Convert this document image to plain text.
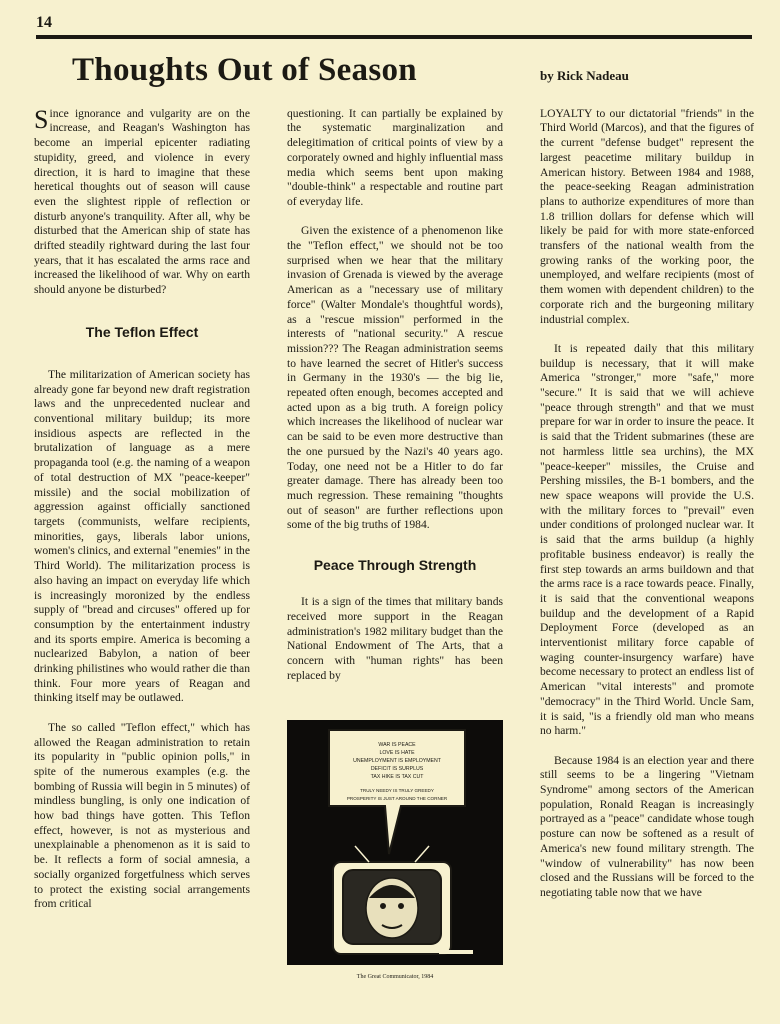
14
Thoughts Out of Season	by Rick Nadeau

Since ignorance and vulgarity are on the increase, and Reagan's Washington has become an imperial epicenter radiating stupidity, greed, and violence in every direction, it is hard to imagine that these heretical thoughts out of season will cause even the slightest ripple of reflection or disturb anyone's tranquility. After all, why be disturbed that the American ship of state has drifted steadily rightward during the last four years, that it has escalated the arms race and increased the likelihood of war. Why on earth should anyone be disturbed?

The Teflon Effect

The militarization of American society has already gone far beyond new draft registration laws and the unprecedented nuclear and conventional military buildup; its more insidious aspects are reflected in the brutalization of language as a mere propaganda tool (e.g. the naming of a weapon of total destruction of MX "peace-keeper" missile) and the social mobilization of aggression against officially sanctioned targets (communists, welfare recipients, minorities, gays, liberals labor unions, women's clinics, and external "enemies" in the Third World). The militarization process is also having an impact on everyday life which is increasingly moronized by the endless supply of "bread and circuses" offered up for consumption by the entertainment industry and its sports empire. America is becoming a nuclearized Babylon, a nation of beer drinking philistines who would rather die than think. Four more years of Reagan and thinking itself may be outlawed.

The so called "Teflon effect," which has allowed the Reagan administration to retain its popularity in "public opinion polls," in spite of the numerous examples (e.g. the bombing of Russia will begin in 5 minutes) of mindless bungling, is only one indication of how bad things have gotten. This Teflon effect, however, is not as mysterious and unexplainable a phenomenon as it is said to be. It reflects a form of social amnesia, a socially organized forgetfulness which serves to protect the existing social arrangements from critical

questioning. It can partially be explained by the systematic marginalization and delegitimation of critical points of view by a corporately owned and highly influential mass media which seems bent upon making "double-think" a respectable and routine part of everyday life.

Given the existence of a phenomenon like the "Teflon effect," we should not be too surprised when we hear that the military invasion of Grenada is viewed by the average American as a "necessary use of military force" (Walter Mondale's thoughtful words), as a "rescue mission" performed in the interests of "national security." A rescue mission??? The Reagan administration seems to have learned the secret of Hitler's success in Germany in the 1930's — the big lie, repeated often enough, becomes accepted and acted upon as a big truth. A foreign policy which increases the likelihood of nuclear war can be said to be even more destructive than the one pursued by the Nazi's 40 years ago. Today, one need not be a Hitler to do far greater damage. There has already been too much regression. These remaining "thoughts out of season" are further reflections upon some of the big truths of 1984.

Peace Through Strength

It is a sign of the times that military bands received more support in the Reagan administration's 1982 military budget than the National Endowment of The Arts, that a concern with "human rights" has been replaced by

LOYALTY to our dictatorial "friends" in the Third World (Marcos), and that the figures of the current "defense budget" represent the largest peacetime military buildup in American history. Between 1984 and 1988, the peace-seeking Reagan administration plans to authorize expenditures of more than 1.8 trillion dollars for defense which will likely be paid for with more state-enforced transfers of the national wealth from the growing ranks of the working poor, the unemployed, and welfare recipients (most of them women with dependent children) to the corporate rich and the burgeoning military industrial complex.

It is repeated daily that this military buildup is necessary, that it will make America "stronger," more "safe," more "secure." It is said that we will achieve "peace through strength" and that we must prepare for war in order to insure the peace. It is said that the Trident submarines (these are not harmless little sea urchins), the MX "peace-keeper" missiles, the Cruise and Pershing missiles, the B-1 bombers, and the new space weapons will provide the U.S. with the military forces to "prevail" even under conditions of prolonged nuclear war. It is said that the arms buildup (a highly profitable business endeavor) is really the first step towards an arms buildown and that the arms race is a race towards peace. Finally, it is said that the conventional weapons buildup and the development of a Rapid Deployment Force (developed as an interventionist military force capable of waging counter-insurgency warfare) have become necessary to protect an endless list of American "vital interests" and promote "democracy" in the Third World. Uncle Sam, it is said, "is a friendly old man who means no harm."

Because 1984 is an election year and there still seems to be a lingering "Vietnam Syndrome" among sectors of the American population, Ronald Reagan is increasingly portrayed as a "peace" candidate whose tough posture can now be softened as a result of America's new found military strength. The "window of vulnerability" has now been closed and the Russians will be forced to the negotiating table now that we have

WAR IS PEACE
LOVE IS HATE
UNEMPLOYMENT IS EMPLOYMENT
DEFICIT IS SURPLUS
TAX HIKE IS TAX CUT
TRULY NEEDY IS TRULY GREEDY
PROSPERITY IS JUST AROUND THE CORNER
The Great Communicator, 1984
